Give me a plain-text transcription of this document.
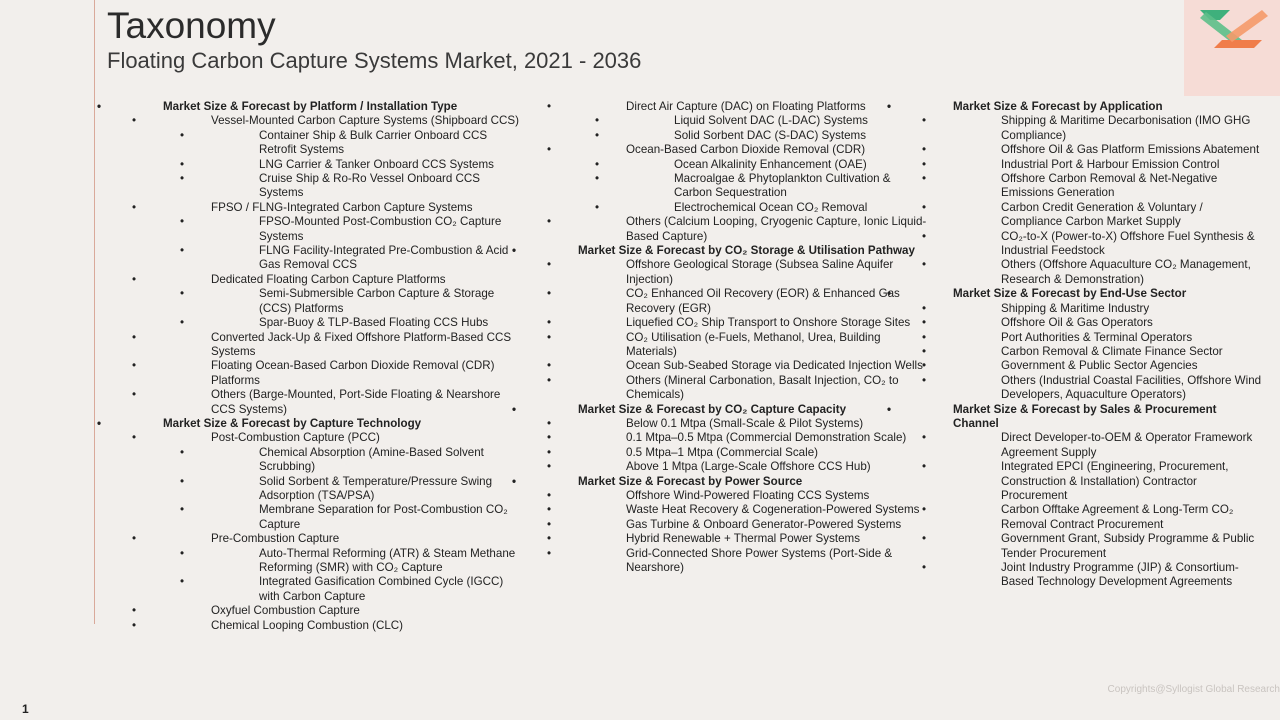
Taxonomy
Floating Carbon Capture Systems Market, 2021 - 2036
• Market Size & Forecast by Platform / Installation Type
• Vessel-Mounted Carbon Capture Systems (Shipboard CCS)
• Container Ship & Bulk Carrier Onboard CCS Retrofit Systems
• LNG Carrier & Tanker Onboard CCS Systems
• Cruise Ship & Ro-Ro Vessel Onboard CCS Systems
• FPSO / FLNG-Integrated Carbon Capture Systems
• FPSO-Mounted Post-Combustion CO₂ Capture Systems
• FLNG Facility-Integrated Pre-Combustion & Acid Gas Removal CCS
• Dedicated Floating Carbon Capture Platforms
• Semi-Submersible Carbon Capture & Storage (CCS) Platforms
• Spar-Buoy & TLP-Based Floating CCS Hubs
• Converted Jack-Up & Fixed Offshore Platform-Based CCS Systems
• Floating Ocean-Based Carbon Dioxide Removal (CDR) Platforms
• Others (Barge-Mounted, Port-Side Floating & Nearshore CCS Systems)
• Market Size & Forecast by Capture Technology
• Post-Combustion Capture (PCC)
• Chemical Absorption (Amine-Based Solvent Scrubbing)
• Solid Sorbent & Temperature/Pressure Swing Adsorption (TSA/PSA)
• Membrane Separation for Post-Combustion CO₂ Capture
• Pre-Combustion Capture
• Auto-Thermal Reforming (ATR) & Steam Methane Reforming (SMR) with CO₂ Capture
• Integrated Gasification Combined Cycle (IGCC) with Carbon Capture
• Oxyfuel Combustion Capture
• Chemical Looping Combustion (CLC)
• Direct Air Capture (DAC) on Floating Platforms
• Liquid Solvent DAC (L-DAC) Systems
• Solid Sorbent DAC (S-DAC) Systems
• Ocean-Based Carbon Dioxide Removal (CDR)
• Ocean Alkalinity Enhancement (OAE)
• Macroalgae & Phytoplankton Cultivation & Carbon Sequestration
• Electrochemical Ocean CO₂ Removal
• Others (Calcium Looping, Cryogenic Capture, Ionic Liquid-Based Capture)
• Market Size & Forecast by CO₂ Storage & Utilisation Pathway
• Offshore Geological Storage (Subsea Saline Aquifer Injection)
• CO₂ Enhanced Oil Recovery (EOR) & Enhanced Gas Recovery (EGR)
• Liquefied CO₂ Ship Transport to Onshore Storage Sites
• CO₂ Utilisation (e-Fuels, Methanol, Urea, Building Materials)
• Ocean Sub-Seabed Storage via Dedicated Injection Wells
• Others (Mineral Carbonation, Basalt Injection, CO₂ to Chemicals)
• Market Size & Forecast by CO₂ Capture Capacity
• Below 0.1 Mtpa (Small-Scale & Pilot Systems)
• 0.1 Mtpa–0.5 Mtpa (Commercial Demonstration Scale)
• 0.5 Mtpa–1 Mtpa (Commercial Scale)
• Above 1 Mtpa (Large-Scale Offshore CCS Hub)
• Market Size & Forecast by Power Source
• Offshore Wind-Powered Floating CCS Systems
• Waste Heat Recovery & Cogeneration-Powered Systems
• Gas Turbine & Onboard Generator-Powered Systems
• Hybrid Renewable + Thermal Power Systems
• Grid-Connected Shore Power Systems (Port-Side & Nearshore)
• Market Size & Forecast by Application
• Shipping & Maritime Decarbonisation (IMO GHG Compliance)
• Offshore Oil & Gas Platform Emissions Abatement
• Industrial Port & Harbour Emission Control
• Offshore Carbon Removal & Net-Negative Emissions Generation
• Carbon Credit Generation & Voluntary / Compliance Carbon Market Supply
• CO₂-to-X (Power-to-X) Offshore Fuel Synthesis & Industrial Feedstock
• Others (Offshore Aquaculture CO₂ Management, Research & Demonstration)
• Market Size & Forecast by End-Use Sector
• Shipping & Maritime Industry
• Offshore Oil & Gas Operators
• Port Authorities & Terminal Operators
• Carbon Removal & Climate Finance Sector
• Government & Public Sector Agencies
• Others (Industrial Coastal Facilities, Offshore Wind Developers, Aquaculture Operators)
• Market Size & Forecast by Sales & Procurement Channel
• Direct Developer-to-OEM & Operator Framework Agreement Supply
• Integrated EPCI (Engineering, Procurement, Construction & Installation) Contractor Procurement
• Carbon Offtake Agreement & Long-Term CO₂ Removal Contract Procurement
• Government Grant, Subsidy Programme & Public Tender Procurement
• Joint Industry Programme (JIP) & Consortium-Based Technology Development Agreements
1
Copyrights@Syllogist Global Research
